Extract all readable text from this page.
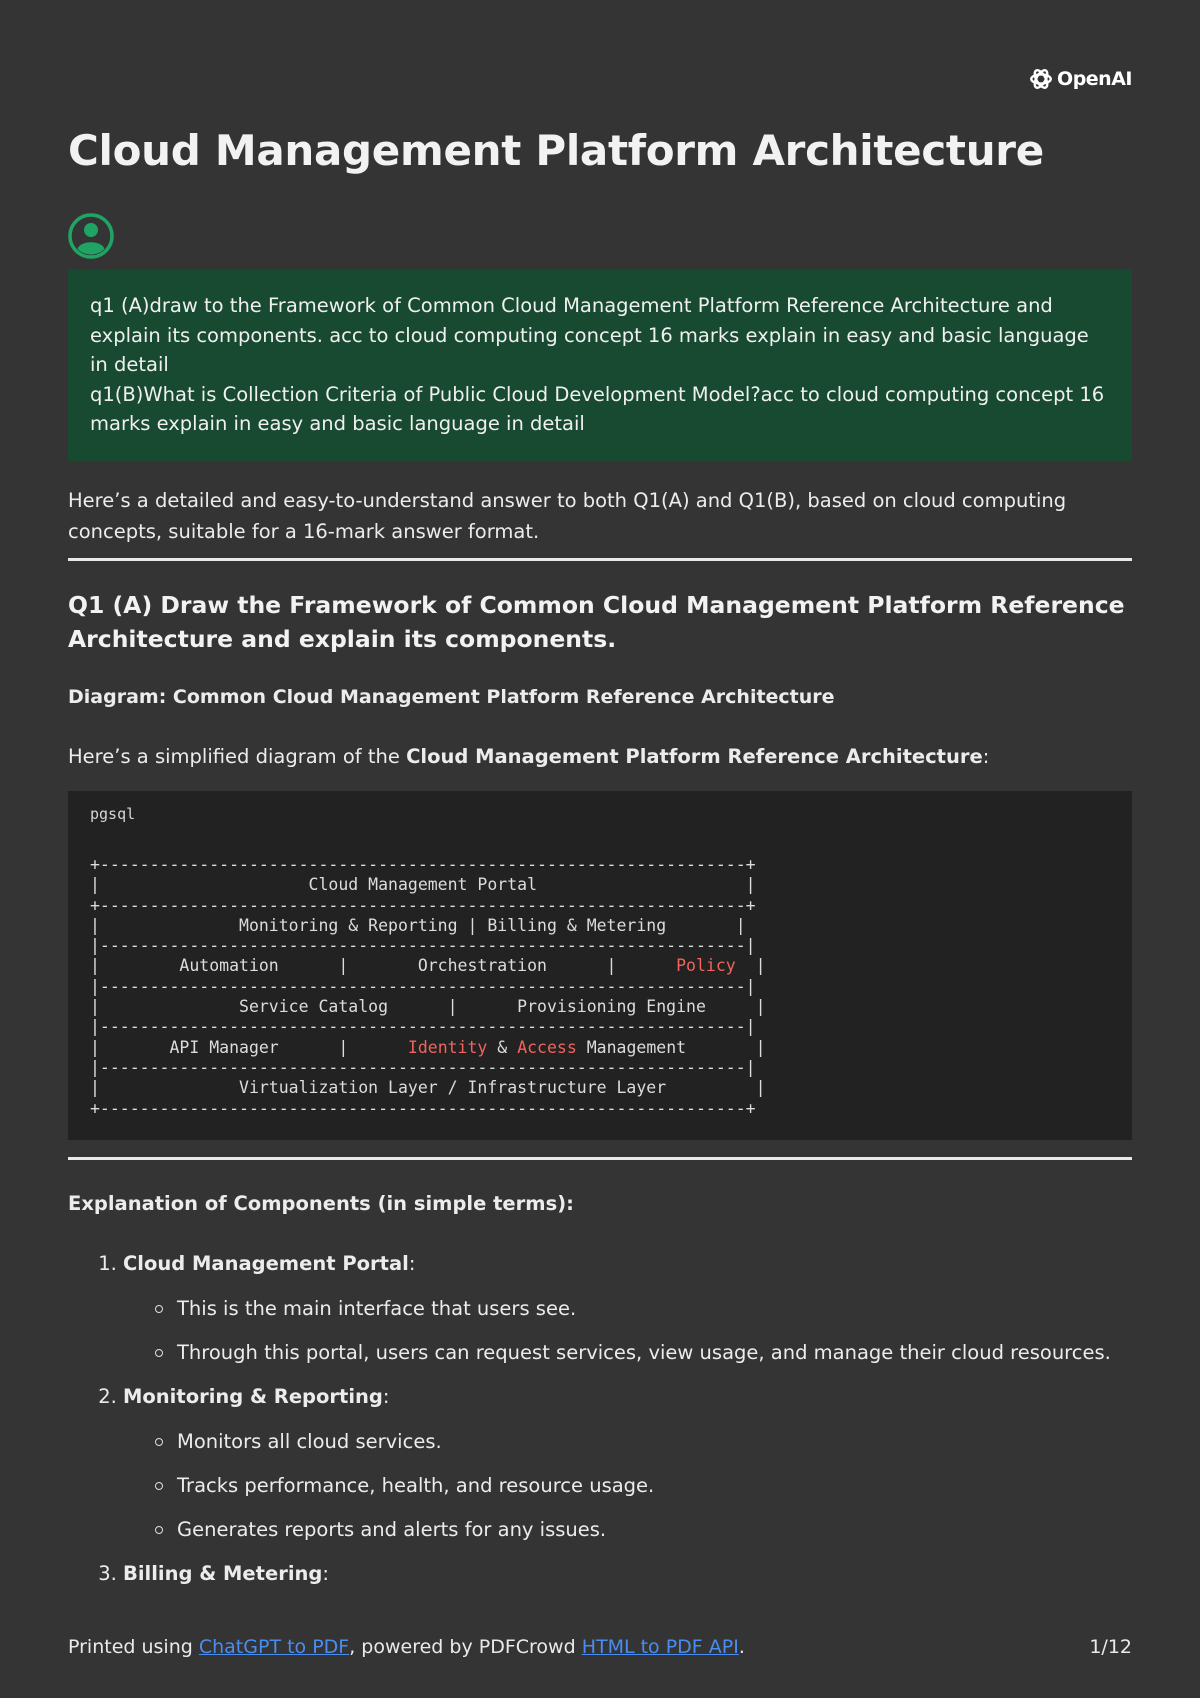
OpenAI
Cloud Management Platform Architecture

q1 (A)draw to the Framework of Common Cloud Management Platform Reference Architecture and explain its components. acc to cloud computing concept 16 marks explain in easy and basic language in detail

q1(B)What is Collection Criteria of Public Cloud Development Model?acc to cloud computing concept 16 marks explain in easy and basic language in detail

Here’s a detailed and easy-to-understand answer to both Q1(A) and Q1(B), based on cloud computing concepts, suitable for a 16-mark answer format.

Q1 (A) Draw the Framework of Common Cloud Management Platform Reference Architecture and explain its components.

Diagram: Common Cloud Management Platform Reference Architecture

Here’s a simplified diagram of the Cloud Management Platform Reference Architecture:

pgsql
+-----------------------------------------------------------------+
|                     Cloud Management Portal                     |
+-----------------------------------------------------------------+
|              Monitoring & Reporting | Billing & Metering       |
|-----------------------------------------------------------------|
|        Automation      |       Orchestration      |	Policy  |
|-----------------------------------------------------------------|
|              Service Catalog      |      Provisioning Engine     |
|-----------------------------------------------------------------|
|       API Manager      |	Identity & Access Management       |
|-----------------------------------------------------------------|
|              Virtualization Layer / Infrastructure Layer         |
+-----------------------------------------------------------------+

Explanation of Components (in simple terms):

1. Cloud Management Portal:
This is the main interface that users see.
Through this portal, users can request services, view usage, and manage their cloud resources.
2. Monitoring & Reporting:
Monitors all cloud services.
Tracks performance, health, and resource usage.
Generates reports and alerts for any issues.
3. Billing & Metering:
Printed using ChatGPT to PDF, powered by PDFCrowd HTML to PDF API.	1/12
